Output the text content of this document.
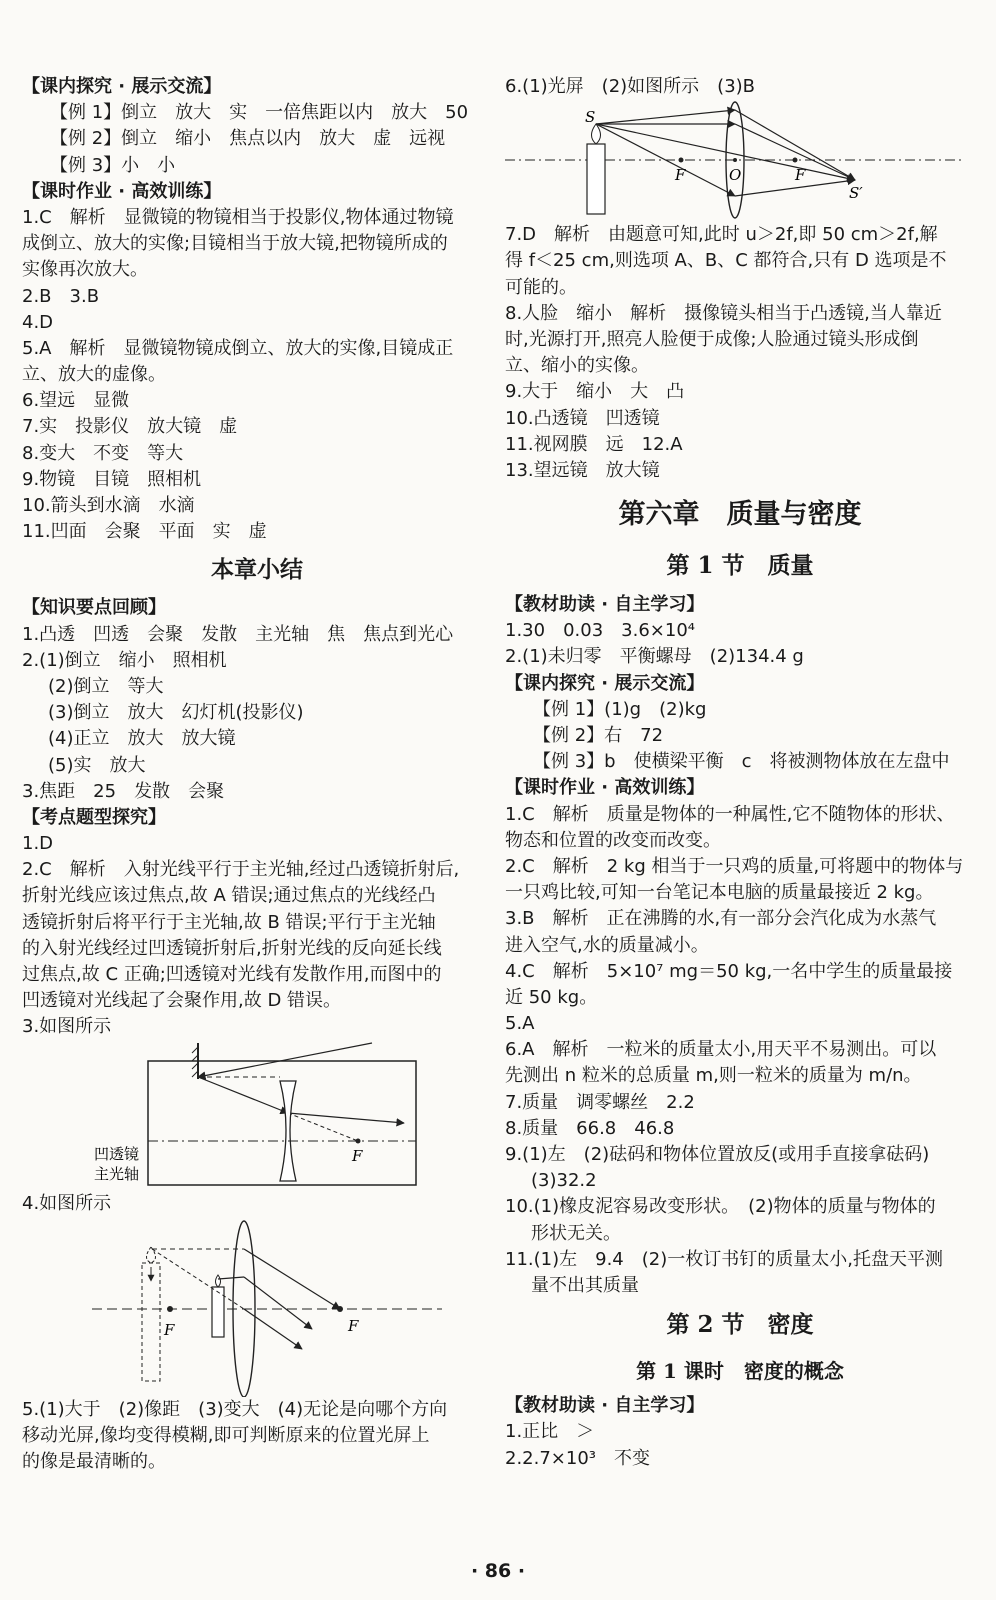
【课内探究 · 展示交流】
【例 1】倒立　放大　实　一倍焦距以内　放大　50
【例 2】倒立　缩小　焦点以内　放大　虚　远视
【例 3】小　小
【课时作业 · 高效训练】
1.C　解析　显微镜的物镜相当于投影仪,物体通过物镜
成倒立、放大的实像;目镜相当于放大镜,把物镜所成的
实像再次放大。
2.B　3.B
4.D
5.A　解析　显微镜物镜成倒立、放大的实像,目镜成正
立、放大的虚像。
6.望远　显微
7.实　投影仪　放大镜　虚
8.变大　不变　等大
9.物镜　目镜　照相机
10.箭头到水滴　水滴
11.凹面　会聚　平面　实　虚
本章小结
【知识要点回顾】
1.凸透　凹透　会聚　发散　主光轴　焦　焦点到光心
2.(1)倒立　缩小　照相机
(2)倒立　等大
(3)倒立　放大　幻灯机(投影仪)
(4)正立　放大　放大镜
(5)实　放大
3.焦距　25　发散　会聚
【考点题型探究】
1.D
2.C　解析　入射光线平行于主光轴,经过凸透镜折射后,
折射光线应该过焦点,故 A 错误;通过焦点的光线经凸
透镜折射后将平行于主光轴,故 B 错误;平行于主光轴
的入射光线经过凹透镜折射后,折射光线的反向延长线
过焦点,故 C 正确;凹透镜对光线有发散作用,而图中的
凹透镜对光线起了会聚作用,故 D 错误。
3.如图所示
F
凹透镜
主光轴
4.如图所示
F	F
5.(1)大于　(2)像距　(3)变大　(4)无论是向哪个方向
移动光屏,像均变得模糊,即可判断原来的位置光屏上
的像是最清晰的。
6.(1)光屏　(2)如图所示　(3)B
S
S′
F	O	F
7.D　解析　由题意可知,此时 u＞2f,即 50 cm＞2f,解
得 f＜25 cm,则选项 A、B、C 都符合,只有 D 选项是不
可能的。
8.人脸　缩小　解析　摄像镜头相当于凸透镜,当人靠近
时,光源打开,照亮人脸便于成像;人脸通过镜头形成倒
立、缩小的实像。
9.大于　缩小　大　凸
10.凸透镜　凹透镜
11.视网膜　远　12.A
13.望远镜　放大镜
第六章　质量与密度
第 1 节　质量
【教材助读 · 自主学习】
1.30　0.03　3.6×10⁴
2.(1)未归零　平衡螺母　(2)134.4 g
【课内探究 · 展示交流】
【例 1】(1)g　(2)kg
【例 2】右　72
【例 3】b　使横梁平衡　c　将被测物体放在左盘中
【课时作业 · 高效训练】
1.C　解析　质量是物体的一种属性,它不随物体的形状、
物态和位置的改变而改变。
2.C　解析　2 kg 相当于一只鸡的质量,可将题中的物体与
一只鸡比较,可知一台笔记本电脑的质量最接近 2 kg。
3.B　解析　正在沸腾的水,有一部分会汽化成为水蒸气
进入空气,水的质量减小。
4.C　解析　5×10⁷ mg＝50 kg,一名中学生的质量最接
近 50 kg。
5.A
6.A　解析　一粒米的质量太小,用天平不易测出。可以
先测出 n 粒米的总质量 m,则一粒米的质量为 m/n。
7.质量　调零螺丝　2.2
8.质量　66.8　46.8
9.(1)左　(2)砝码和物体位置放反(或用手直接拿砝码)
(3)32.2
10.(1)橡皮泥容易改变形状。　(2)物体的质量与物体的
形状无关。
11.(1)左　9.4　(2)一枚订书钉的质量太小,托盘天平测
量不出其质量
第 2 节　密度
第 1 课时　密度的概念
【教材助读 · 自主学习】
1.正比　＞
2.2.7×10³　不变
· 86 ·
